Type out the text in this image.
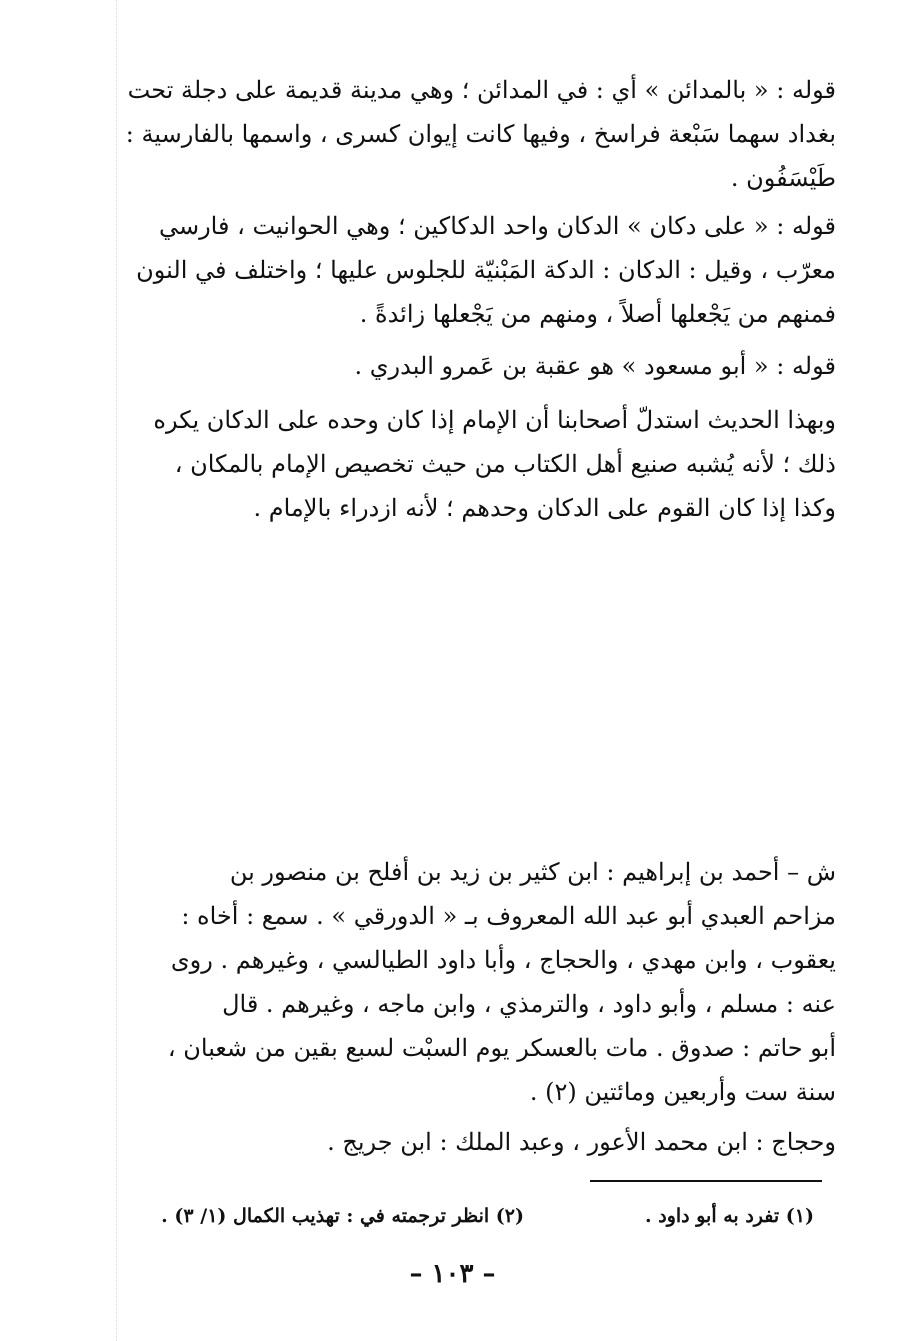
قوله : « بالمدائن » أي : في المدائن ؛ وهي مدينة قديمة على دجلة تحت
بغداد سهما سَبْعة فراسخ ، وفيها كانت إيوان كسرى ، واسمها بالفارسية :
طَيْسَفُون .
قوله : « على دكان » الدكان واحد الدكاكين ؛ وهي الحوانيت ، فارسي
معرّب ، وقيل : الدكان : الدكة المَبْنيّة للجلوس عليها ؛ واختلف في النون
فمنهم من يَجْعلها أصلاً ، ومنهم من يَجْعلها زائدةً .
قوله : « أبو مسعود » هو عقبة بن عَمرو البدري .
وبهذا الحديث استدلّ أصحابنا أن الإمام إذا كان وحده على الدكان يكره
ذلك ؛ لأنه يُشبه صنيع أهل الكتاب من حيث تخصيص الإمام بالمكان ،
وكذا إذا كان القوم على الدكان وحدهم ؛ لأنه ازدراء بالإمام .
ش – أحمد بن إبراهيم : ابن كثير بن زيد بن أفلح بن منصور بن
مزاحم العبدي أبو عبد الله المعروف بـ « الدورقي » . سمع : أخاه :
يعقوب ، وابن مهدي ، والحجاج ، وأبا داود الطيالسي ، وغيرهم . روى
عنه : مسلم ، وأبو داود ، والترمذي ، وابن ماجه ، وغيرهم . قال
أبو حاتم : صدوق . مات بالعسكر يوم السبْت لسبع بقين من شعبان ،
سنة ست وأربعين ومائتين (٢) .
وحجاج : ابن محمد الأعور ، وعبد الملك : ابن جريج .
(١) تفرد به أبو داود .
(٢) انظر ترجمته في : تهذيب الكمال (١/ ٣) .
– ١٠٣ –
